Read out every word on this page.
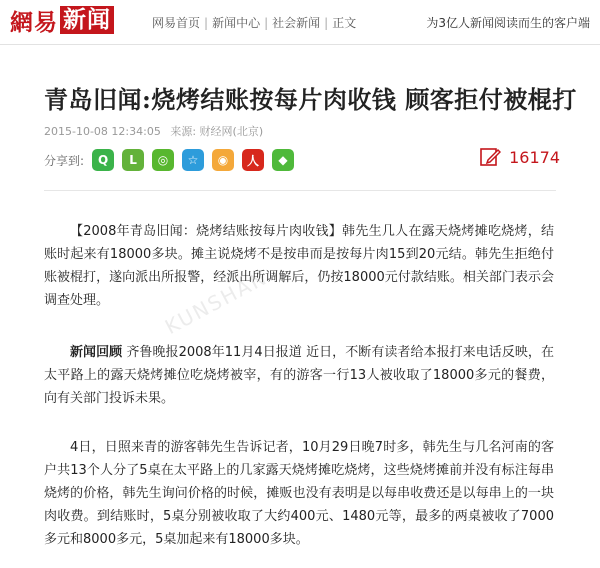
網易 新闻	网易首页 | 新闻中心 | 社会新闻 | 正文	为3亿人新闻阅读而生的客户端
青岛旧闻:烧烤结账按每片肉收钱 顾客拒付被棍打
2015-10-08 12:34:05 来源: 财经网(北京)
分享到: Q L ◎ ☆ ◉ 人 ◆	16174

【2008年青岛旧闻：烧烤结账按每片肉收钱】韩先生几人在露天烧烤摊吃烧烤，结账时起来有18000多块。摊主说烧烤不是按串而是按每片肉15到20元结。韩先生拒绝付账被棍打，遂向派出所报警，经派出所调解后，仍按18000元付款结账。相关部门表示会调查处理。

新闻回顾 齐鲁晚报2008年11月4日报道 近日，不断有读者给本报打来电话反映，在太平路上的露天烧烤摊位吃烧烤被宰，有的游客一行13人被收取了18000多元的餐费，向有关部门投诉未果。

4日，日照来青的游客韩先生告诉记者，10月29日晚7时多，韩先生与几名河南的客户共13个人分了5桌在太平路上的几家露天烧烤摊吃烧烤，这些烧烤摊前并没有标注每串烧烤的价格，韩先生询问价格的时候，摊贩也没有表明是以每串收费还是以每串上的一块肉收费。到结账时，5桌分别被收取了大约400元、1480元等，最多的两桌被收了7000多元和8000多元，5桌加起来有18000多块。

KUNSHAN
